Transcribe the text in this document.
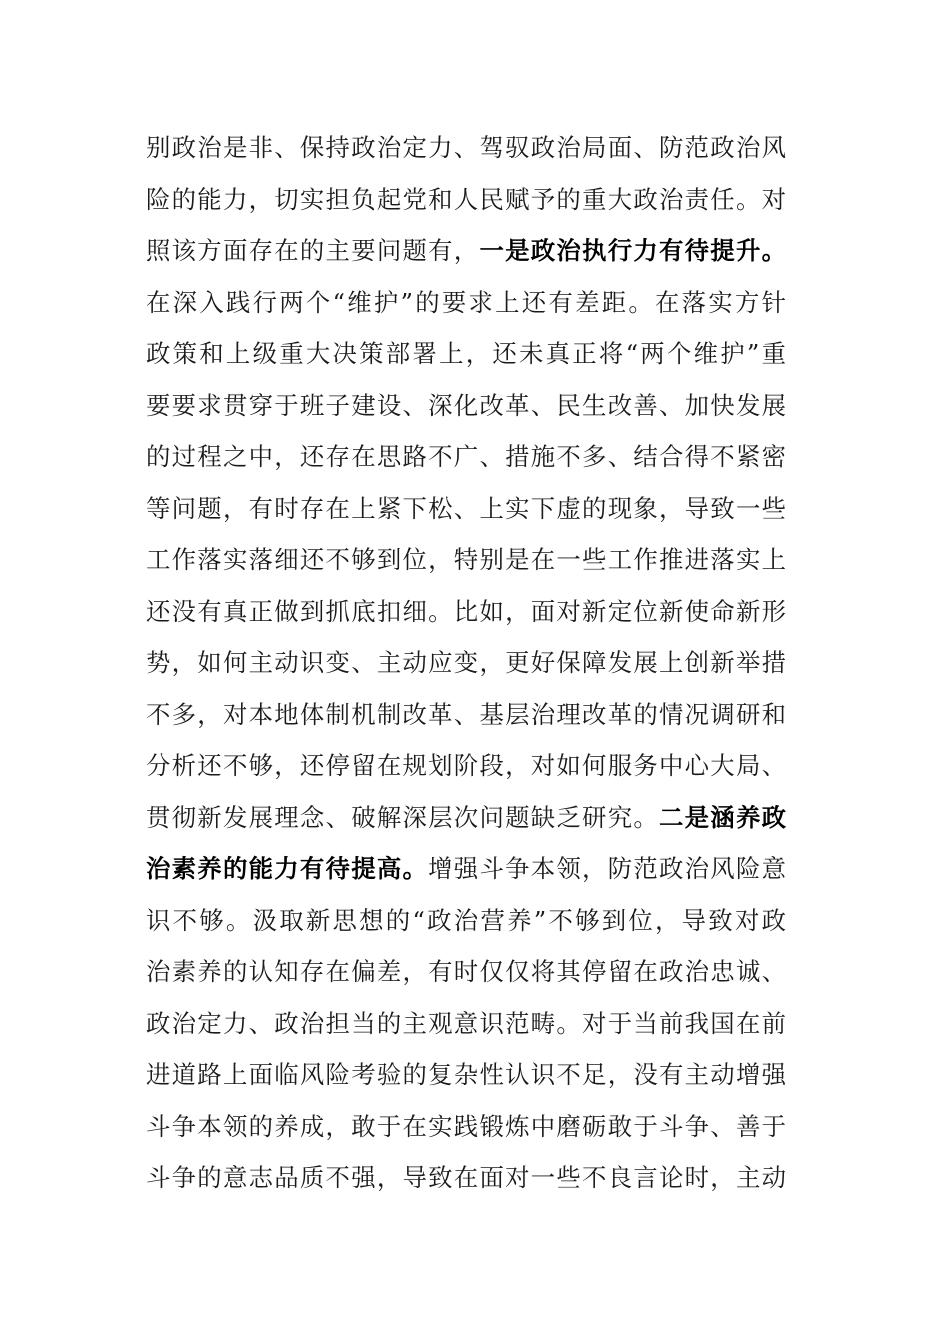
别政治是非、保持政治定力、驾驭政治局面、防范政治风
险的能力，切实担负起党和人民赋予的重大政治责任。对
照该方面存在的主要问题有，一是政治执行力有待提升。
在深入践行两个“维护”的要求上还有差距。在落实方针
政策和上级重大决策部署上，还未真正将“两个维护”重
要要求贯穿于班子建设、深化改革、民生改善、加快发展
的过程之中，还存在思路不广、措施不多、结合得不紧密
等问题，有时存在上紧下松、上实下虚的现象，导致一些
工作落实落细还不够到位，特别是在一些工作推进落实上
还没有真正做到抓底扣细。比如，面对新定位新使命新形
势，如何主动识变、主动应变，更好保障发展上创新举措
不多，对本地体制机制改革、基层治理改革的情况调研和
分析还不够，还停留在规划阶段，对如何服务中心大局、
贯彻新发展理念、破解深层次问题缺乏研究。二是涵养政
治素养的能力有待提高。增强斗争本领，防范政治风险意
识不够。汲取新思想的“政治营养”不够到位，导致对政
治素养的认知存在偏差，有时仅仅将其停留在政治忠诚、
政治定力、政治担当的主观意识范畴。对于当前我国在前
进道路上面临风险考验的复杂性认识不足，没有主动增强
斗争本领的养成，敢于在实践锻炼中磨砺敢于斗争、善于
斗争的意志品质不强，导致在面对一些不良言论时，主动
